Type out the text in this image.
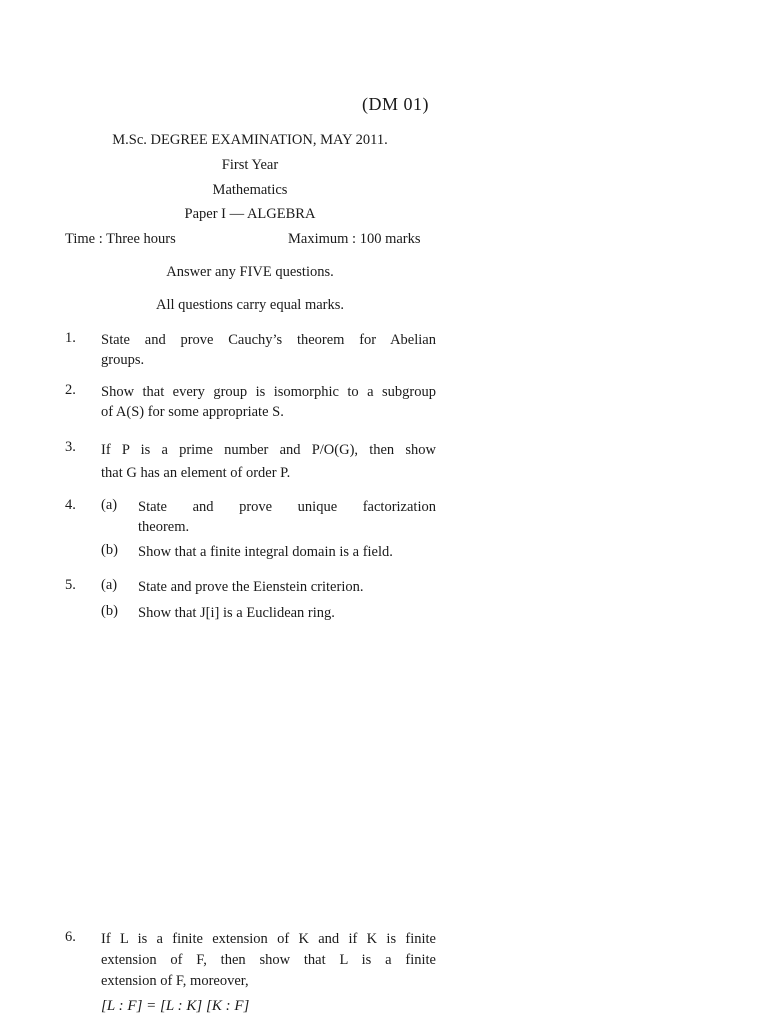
(DM 01)
M.Sc. DEGREE EXAMINATION, MAY 2011.
First Year
Mathematics
Paper I — ALGEBRA
Time : Three hours	Maximum : 100 marks
Answer any FIVE questions.
All questions carry equal marks.
1. State and prove Cauchy’s theorem for Abelian
groups.
2. Show that every group is isomorphic to a subgroup
of A(S) for some appropriate S.
3. If P is a prime number and P/O(G), then show
that G has an element of order P.
4. (a) State and prove unique factorization
theorem.
(b) Show that a finite integral domain is a field.
5. (a) State and prove the Eienstein criterion.
(b) Show that J[i] is a Euclidean ring.
6. If L is a finite extension of K and if K is finite
extension of F, then show that L is a finite
extension of F, moreover,
[L : F] = [L : K] [K : F]
